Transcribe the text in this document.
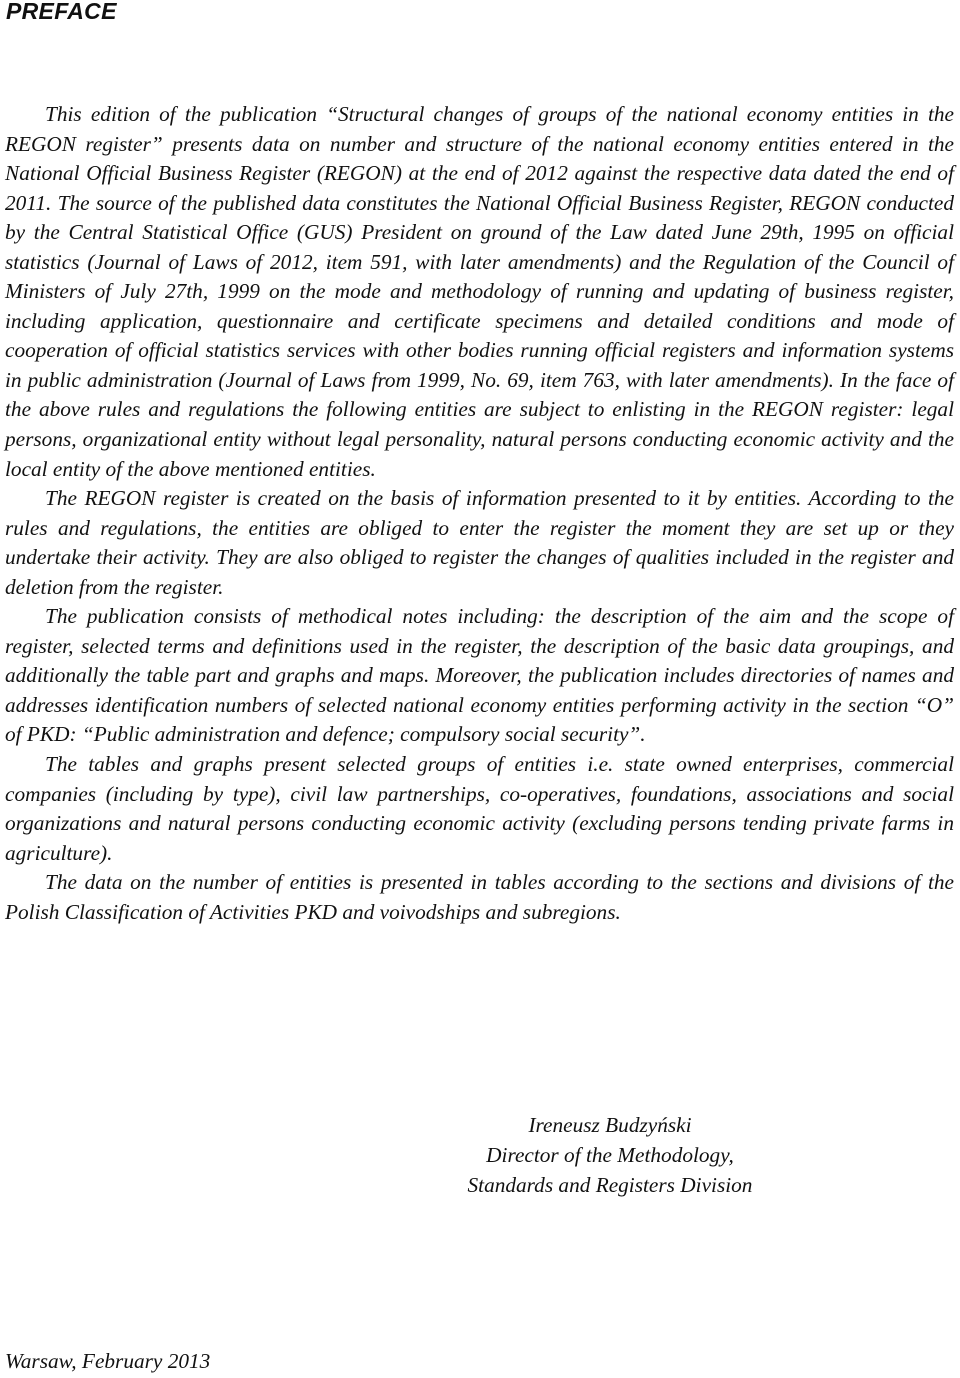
PREFACE

This edition of the publication “Structural changes of groups of the national economy entities in the REGON register” presents data on number and structure of the national economy entities entered in the National Official Business Register (REGON) at the end of 2012 against the respective data dated the end of 2011. The source of the published data constitutes the National Official Business Register, REGON conducted by the Central Statistical Office (GUS) President on ground of the Law dated June 29th, 1995 on official statistics (Journal of Laws of 2012, item 591, with later amendments) and the Regulation of the Council of Ministers of July 27th, 1999 on the mode and methodology of running and updating of business register, including application, questionnaire and certificate specimens and detailed conditions and mode of cooperation of official statistics services with other bodies running official registers and information systems in public administration (Journal of Laws from 1999, No. 69, item 763, with later amendments). In the face of the above rules and regulations the following entities are subject to enlisting in the REGON register: legal persons, organizational entity without legal personality, natural persons conducting economic activity and the local entity of the above mentioned entities.

The REGON register is created on the basis of information presented to it by entities. According to the rules and regulations, the entities are obliged to enter the register the moment they are set up or they undertake their activity. They are also obliged to register the changes of qualities included in the register and deletion from the register.

The publication consists of methodical notes including: the description of the aim and the scope of register, selected terms and definitions used in the register, the description of the basic data groupings, and additionally the table part and graphs and maps. Moreover, the publication includes directories of names and addresses identification numbers of selected national economy entities performing activity in the section “O” of PKD: “Public administration and defence; compulsory social security”.

The tables and graphs present selected groups of entities i.e. state owned enterprises, commercial companies (including by type), civil law partnerships, co-operatives, foundations, associations and social organizations and natural persons conducting economic activity (excluding persons tending private farms in agriculture).

The data on the number of entities is presented in tables according to the sections and divisions of the Polish Classification of Activities PKD and voivodships and subregions.

Ireneusz Budzyński
Director of the Methodology,
Standards and Registers Division
Warsaw, February 2013
